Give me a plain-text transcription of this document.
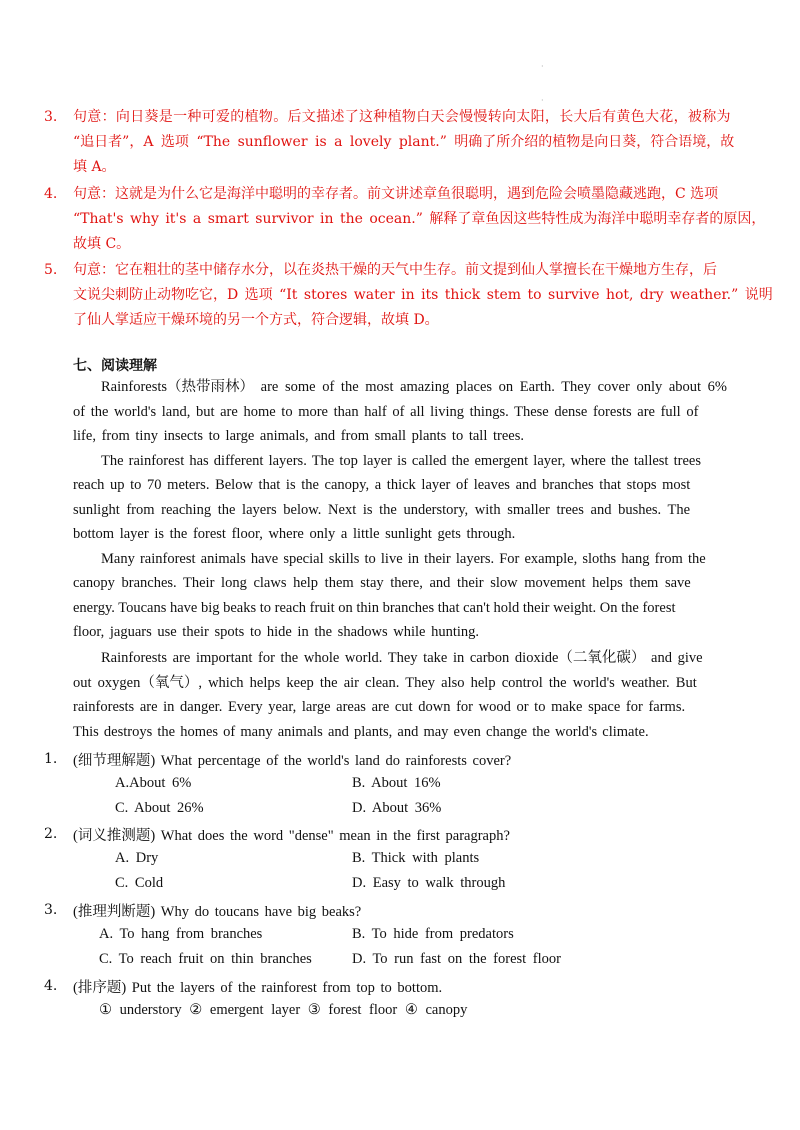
·
·
3. 句意：向日葵是一种可爱的植物。后文描述了这种植物白天会慢慢转向太阳，长大后有黄色大花，被称为
“追日者”，A 选项 “The sunflower is a lovely plant.” 明确了所介绍的植物是向日葵，符合语境，故
填 A。
4. 句意：这就是为什么它是海洋中聪明的幸存者。前文讲述章鱼很聪明，遇到危险会喷墨隐藏逃跑，C 选项
“That's why it's a smart survivor in the ocean.” 解释了章鱼因这些特性成为海洋中聪明幸存者的原因，
故填 C。
5. 句意：它在粗壮的茎中储存水分，以在炎热干燥的天气中生存。前文提到仙人掌擅长在干燥地方生存，后
文说尖刺防止动物吃它，D 选项 “It stores water in its thick stem to survive hot, dry weather.” 说明
了仙人掌适应干燥环境的另一个方式，符合逻辑，故填 D。
七、阅读理解
Rainforests（热带雨林） are some of the most amazing places on Earth. They cover only about 6%
of the world's land, but are home to more than half of all living things. These dense forests are full of
life, from tiny insects to large animals, and from small plants to tall trees.
The rainforest has different layers. The top layer is called the emergent layer, where the tallest trees
reach up to 70 meters. Below that is the canopy, a thick layer of leaves and branches that stops most
sunlight from reaching the layers below. Next is the understory, with smaller trees and bushes. The
bottom layer is the forest floor, where only a little sunlight gets through.
Many rainforest animals have special skills to live in their layers. For example, sloths hang from the
canopy branches. Their long claws help them stay there, and their slow movement helps them save
energy. Toucans have big beaks to reach fruit on thin branches that can't hold their weight. On the forest
floor, jaguars use their spots to hide in the shadows while hunting.
Rainforests are important for the whole world. They take in carbon dioxide（二氧化碳） and give
out oxygen（氧气）, which helps keep the air clean. They also help control the world's weather. But
rainforests are in danger. Every year, large areas are cut down for wood or to make space for farms.
This destroys the homes of many animals and plants, and may even change the world's climate.
1. (细节理解题) What percentage of the world's land do rainforests cover?
A.About 6%	B. About 16%
C. About 26%	D. About 36%
2. (词义推测题) What does the word "dense" mean in the first paragraph?
A. Dry	B. Thick with plants
C. Cold	D. Easy to walk through
3. (推理判断题) Why do toucans have big beaks?
A. To hang from branches	B. To hide from predators
C. To reach fruit on thin branches	D. To run fast on the forest floor
4. (排序题) Put the layers of the rainforest from top to bottom.
① understory ② emergent layer ③ forest floor ④ canopy
